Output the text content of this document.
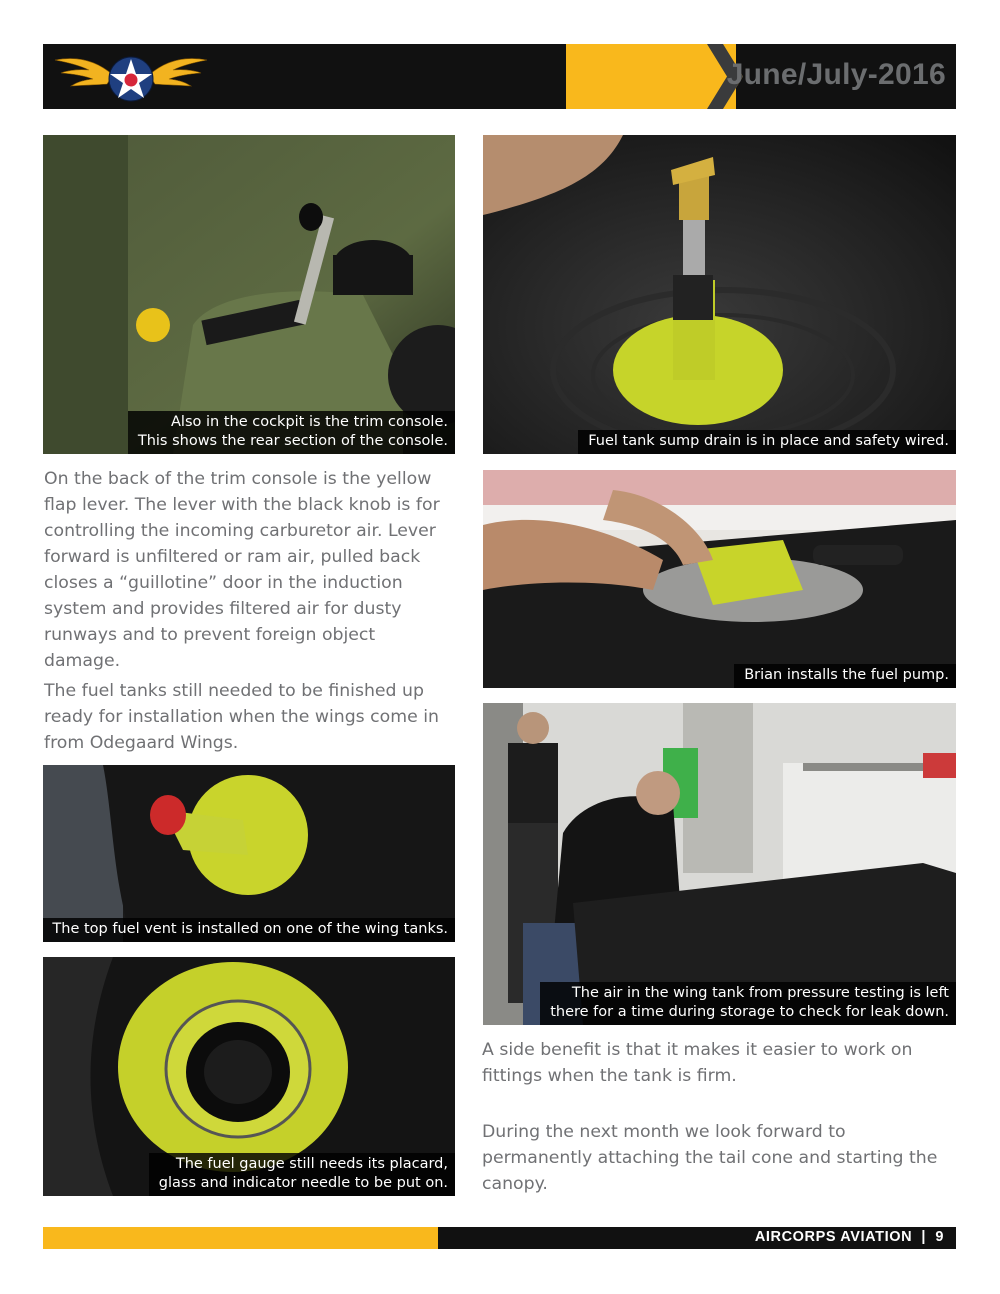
June/July-2016
Also in the cockpit is the trim console.
This shows the rear section of the console.	Fuel tank sump drain is in place and safety wired.

On the back of the trim console is the yellow flap lever. The lever with the black knob is for controlling the incoming carburetor air. Lever forward is unfiltered or ram air, pulled back closes a “guillotine” door in the induction system and provides filtered air for dusty runways and to prevent foreign object damage.

Brian installs the fuel pump.

The fuel tanks still needed to be finished up ready for installation when the wings come in from Odegaard Wings.

The air in the wing tank from pressure testing is left
there for a time during storage to check for leak down.
The top fuel vent is installed on one of the wing tanks.

A side benefit is that it makes it easier to work on fittings when the tank is firm.

The fuel gauge still needs its placard,
glass and indicator needle to be put on.

During the next month we look forward to permanently attaching the tail cone and starting the canopy.

AIRCORPS AVIATION  |  9
